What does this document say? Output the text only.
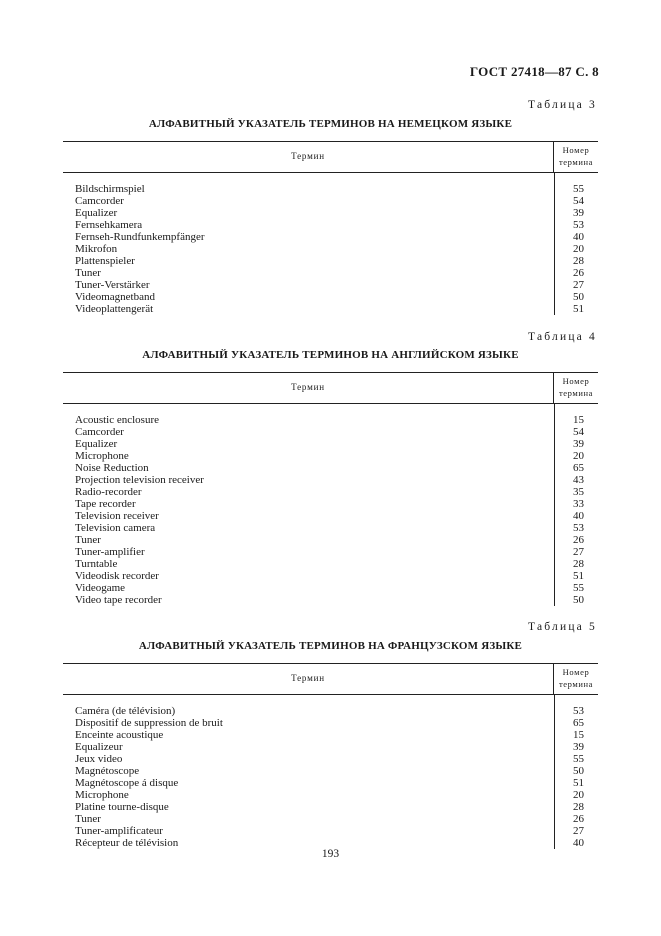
ГОСТ 27418—87 С. 8
Таблица 3
АЛФАВИТНЫЙ УКАЗАТЕЛЬ ТЕРМИНОВ НА НЕМЕЦКОМ ЯЗЫКЕ
Термин
Номер
термина
Bildschirmspiel
Camcorder
Equalizer
Fernsehkamera
Fernseh-Rundfunkempfänger
Mikrofon
Plattenspieler
Tuner
Tuner-Verstärker
Videomagnetband
Videoplattengerät
55
54
39
53
40
20
28
26
27
50
51
Таблица 4
АЛФАВИТНЫЙ УКАЗАТЕЛЬ ТЕРМИНОВ НА АНГЛИЙСКОМ ЯЗЫКЕ
Термин
Номер
термина
Acoustic enclosure
Camcorder
Equalizer
Microphone
Noise Reduction
Projection television receiver
Radio-recorder
Tape recorder
Television receiver
Television camera
Tuner
Tuner-amplifier
Turntable
Videodisk recorder
Videogame
Video tape recorder
15
54
39
20
65
43
35
33
40
53
26
27
28
51
55
50
Таблица 5
АЛФАВИТНЫЙ УКАЗАТЕЛЬ ТЕРМИНОВ НА ФРАНЦУЗСКОМ ЯЗЫКЕ
Термин
Номер
термина
Caméra (de télévision)
Dispositif de suppression de bruit
Enceinte acoustique
Equalizeur
Jeux video
Magnétoscope
Magnétoscope á disque
Microphone
Platine tourne-disque
Tuner
Tuner-amplificateur
Récepteur de télévision
53
65
15
39
55
50
51
20
28
26
27
40
193
